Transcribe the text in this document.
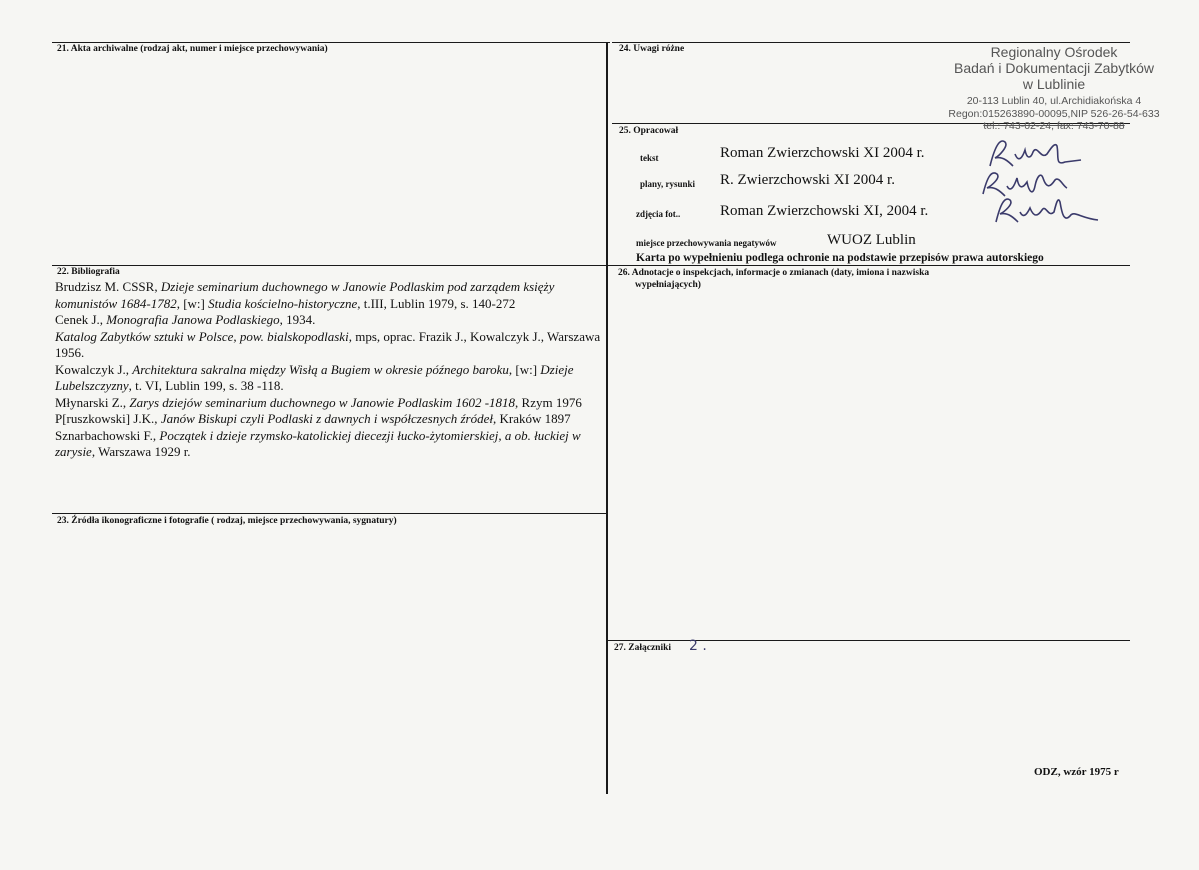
21. Akta archiwalne (rodzaj akt, numer i miejsce przechowywania)	24. Uwagi różne
25. Opracował
22. Bibliografia	26. Adnotacje o inspekcjach, informacje o zmianach (daty, imiona i nazwiska
wypełniających)
23. Źródła ikonograficzne i fotografie ( rodzaj, miejsce przechowywania, sygnatury)
27. Załączniki 2 .
tekst	Roman Zwierzchowski XI 2004 r.
plany, rysunki R. Zwierzchowski XI 2004 r.
zdjęcia fot..	Roman Zwierzchowski XI, 2004 r.
miejsce przechowywania negatywów	WUOZ Lublin
Karta po wypełnieniu podlega ochronie na podstawie przepisów prawa autorskiego
Regionalny Ośrodek
Badań i Dokumentacji Zabytków
w Lublinie
20-113 Lublin 40, ul.Archidiakońska 4
Regon:015263890-00095,NIP 526-26-54-633
tel.: 743-02-24, fax: 743-70-88

Brudzisz M. CSSR, Dzieje seminarium duchownego w Janowie Podlaskim pod zarządem księży komunistów 1684-1782, [w:] Studia kościelno-historyczne, t.III, Lublin 1979, s. 140-272

Cenek J., Monografia Janowa Podlaskiego, 1934.

Katalog Zabytków sztuki w Polsce, pow. bialskopodlaski, mps, oprac. Frazik J., Kowalczyk J., Warszawa 1956.

Kowalczyk J., Architektura sakralna między Wisłą a Bugiem w okresie późnego baroku, [w:] Dzieje Lubelszczyzny, t. VI, Lublin 199, s. 38 -118.

Młynarski Z., Zarys dziejów seminarium duchownego w Janowie Podlaskim 1602 -1818, Rzym 1976

P[ruszkowski] J.K., Janów Biskupi czyli Podlaski z dawnych i współczesnych źródeł, Kraków 1897

Sznarbachowski F., Początek i dzieje rzymsko-katolickiej diecezji łucko-żytomierskiej, a ob. łuckiej w zarysie, Warszawa 1929 r.

ODZ, wzór 1975 r
